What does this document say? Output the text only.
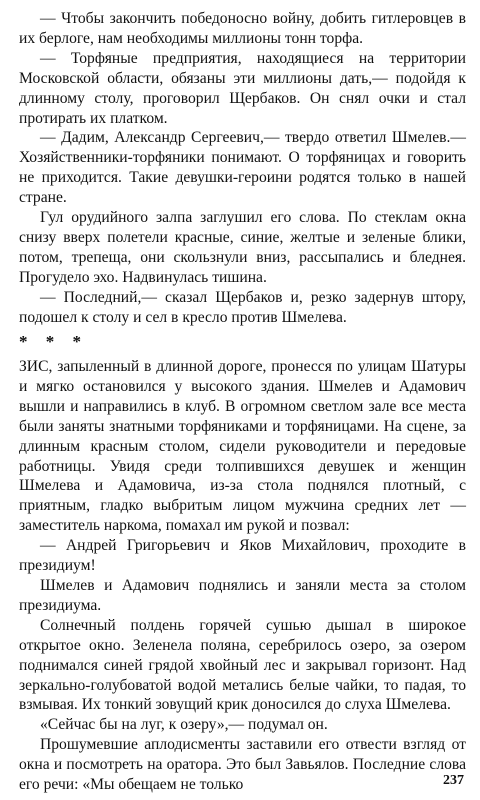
— Чтобы закончить победоносно войну, добить гитлеровцев в их берлоге, нам необходимы миллионы тонн торфа.

— Торфяные предприятия, находящиеся на территории Московской области, обязаны эти миллионы дать,— подойдя к длинному столу, проговорил Щербаков. Он снял очки и стал протирать их платком.

— Дадим, Александр Сергеевич,— твердо ответил Шмелев.— Хозяйственники-торфяники понимают. О торфяницах и говорить не приходится. Такие девушки-героини родятся только в нашей стране.

Гул орудийного залпа заглушил его слова. По стеклам окна снизу вверх полетели красные, синие, желтые и зеленые блики, потом, трепеща, они скользнули вниз, рассыпались и бледнея. Прогудело эхо. Надвинулась тишина.

— Последний,— сказал Щербаков и, резко задернув штору, подошел к столу и сел в кресло против Шмелева.

* * *

ЗИС, запыленный в длинной дороге, пронесся по улицам Шатуры и мягко остановился у высокого здания. Шмелев и Адамович вышли и направились в клуб. В огромном светлом зале все места были заняты знатными торфяниками и торфяницами. На сцене, за длинным красным столом, сидели руководители и передовые работницы. Увидя среди толпившихся девушек и женщин Шмелева и Адамовича, из-за стола поднялся плотный, с приятным, гладко выбритым лицом мужчина средних лет — заместитель наркома, помахал им рукой и позвал:

— Андрей Григорьевич и Яков Михайлович, проходите в президиум!

Шмелев и Адамович поднялись и заняли места за столом президиума.

Солнечный полдень горячей сушью дышал в широкое открытое окно. Зеленела поляна, серебрилось озеро, за озером поднимался синей грядой хвойный лес и закрывал горизонт. Над зеркально-голубоватой водой метались белые чайки, то падая, то взмывая. Их тонкий зовущий крик доносился до слуха Шмелева.

«Сейчас бы на луг, к озеру»,— подумал он.

Прошумевшие аплодисменты заставили его отвести взгляд от окна и посмотреть на оратора. Это был Завьялов. Последние слова его речи: «Мы обещаем не только	237
